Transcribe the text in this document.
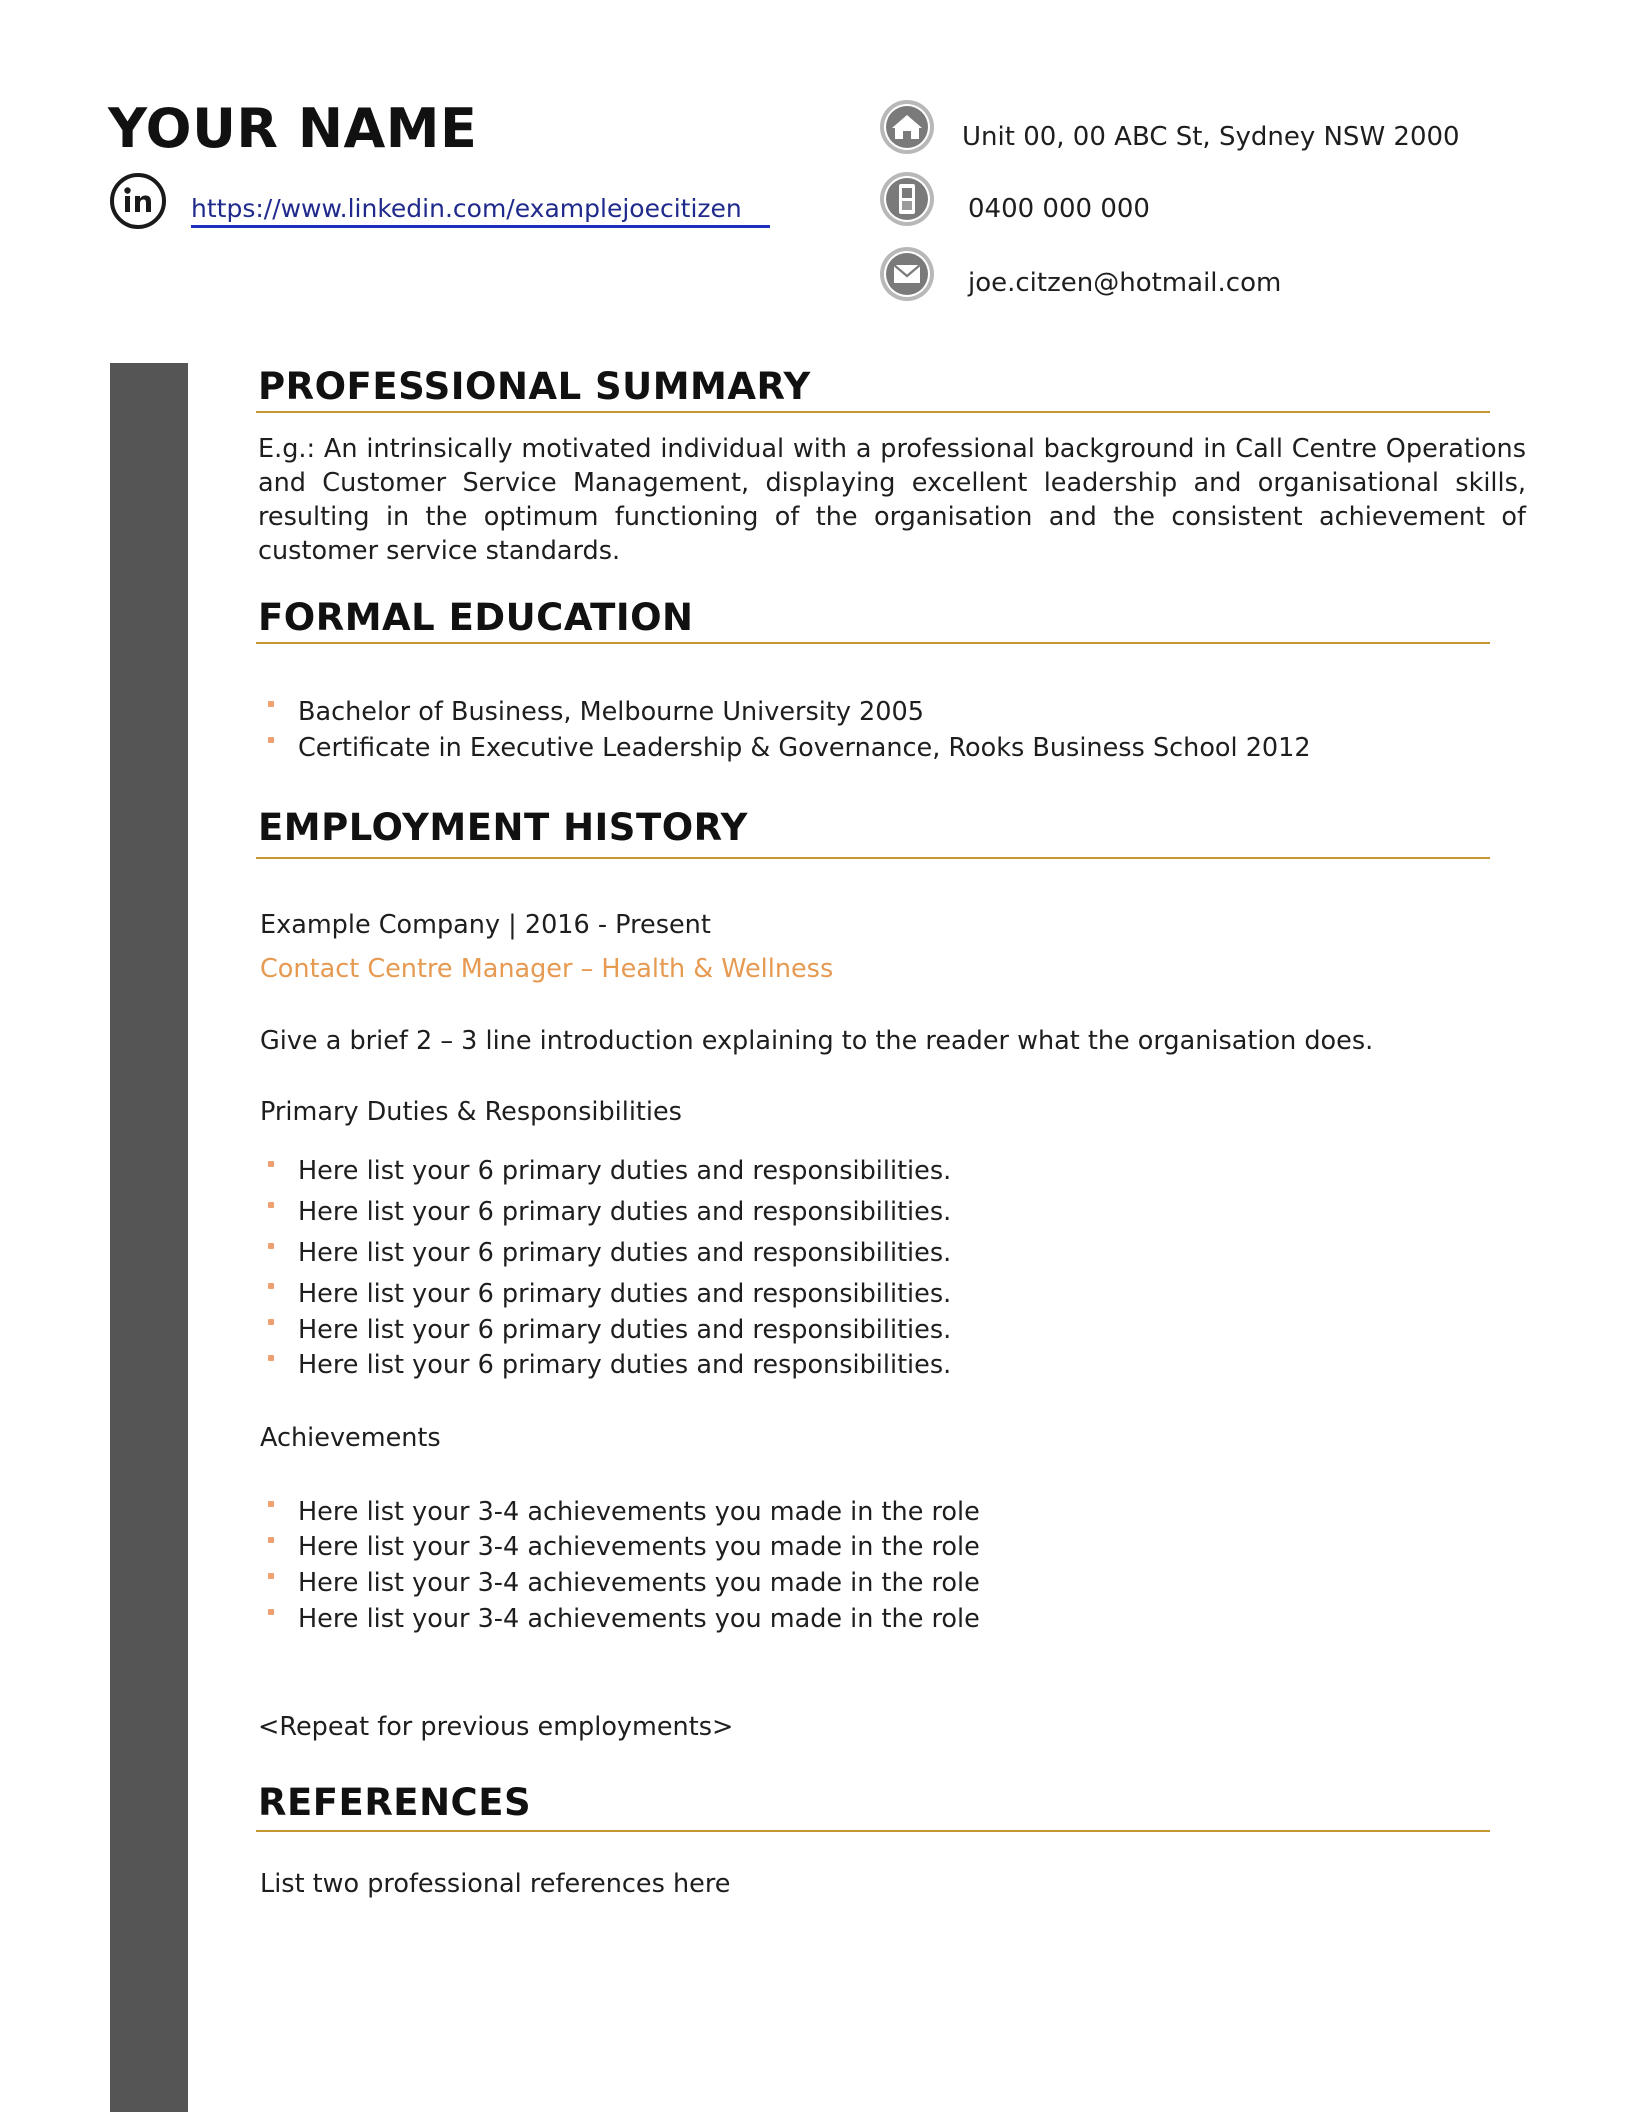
YOUR NAME
https://www.linkedin.com/examplejoecitizen
Unit 00, 00 ABC St, Sydney NSW 2000
0400 000 000
joe.citzen@hotmail.com
PROFESSIONAL SUMMARY

E.g.: An intrinsically motivated individual with a professional background in Call Centre Operations and Customer Service Management, displaying excellent leadership and organisational skills, resulting in the optimum functioning of the organisation and the consistent achievement of customer service standards.

FORMAL EDUCATION
Bachelor of Business, Melbourne University 2005
Certificate in Executive Leadership & Governance, Rooks Business School 2012
EMPLOYMENT HISTORY
Example Company | 2016 - Present
Contact Centre Manager – Health & Wellness
Give a brief 2 – 3 line introduction explaining to the reader what the organisation does.
Primary Duties & Responsibilities
Here list your 6 primary duties and responsibilities.
Here list your 6 primary duties and responsibilities.
Here list your 6 primary duties and responsibilities.
Here list your 6 primary duties and responsibilities.
Here list your 6 primary duties and responsibilities.
Here list your 6 primary duties and responsibilities.
Achievements
Here list your 3-4 achievements you made in the role
Here list your 3-4 achievements you made in the role
Here list your 3-4 achievements you made in the role
Here list your 3-4 achievements you made in the role
<Repeat for previous employments>
REFERENCES
List two professional references here
